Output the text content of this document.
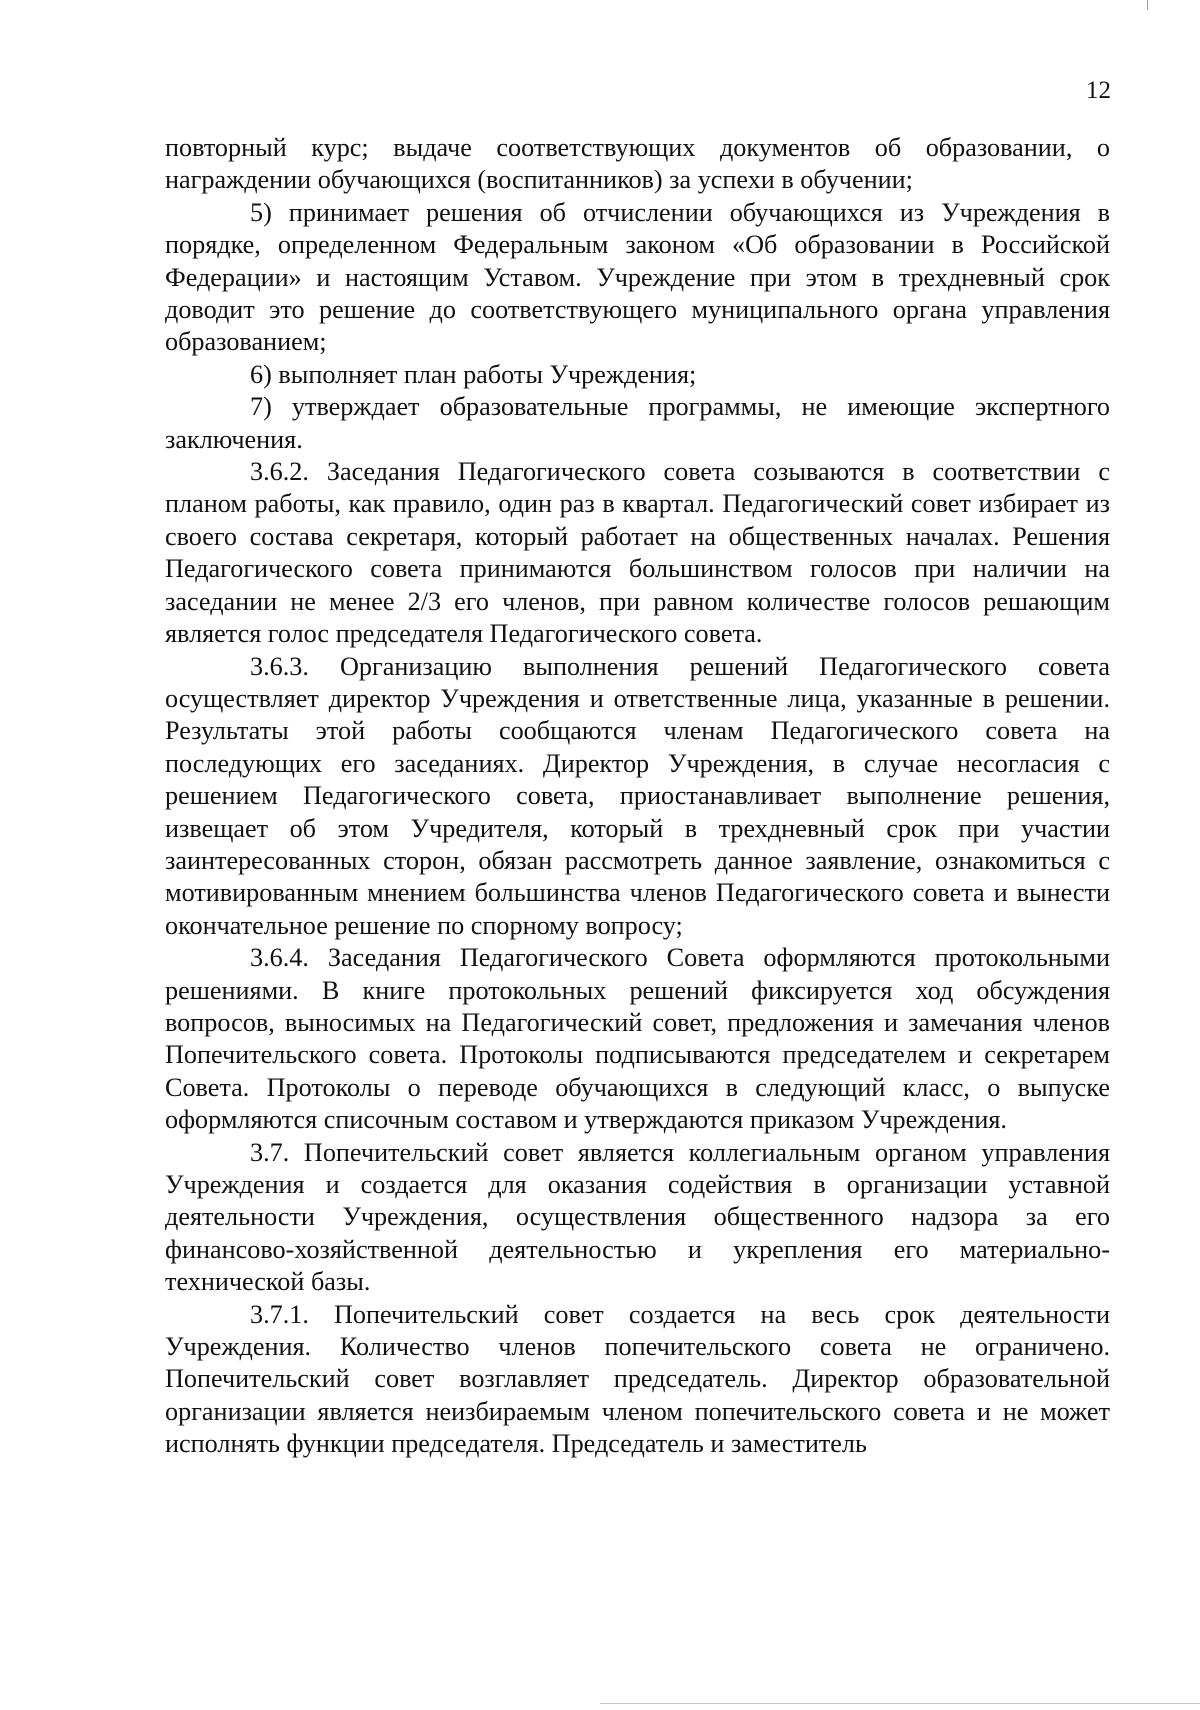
12

повторный курс; выдаче соответствующих документов об образовании, о награждении обучающихся (воспитанников) за успехи в обучении;

5) принимает решения об отчислении обучающихся из Учреждения в порядке, определенном Федеральным законом «Об образовании в Российской Федерации» и настоящим Уставом. Учреждение при этом в трехдневный срок доводит это решение до соответствующего муниципального органа управления образованием;

6) выполняет план работы Учреждения;

7) утверждает образовательные программы, не имеющие экспертного заключения.

3.6.2. Заседания Педагогического совета созываются в соответствии с планом работы, как правило, один раз в квартал. Педагогический совет избирает из своего состава секретаря, который работает на общественных началах. Решения Педагогического совета принимаются большинством голосов при наличии на заседании не менее 2/3 его членов, при равном количестве голосов решающим является голос председателя Педагогического совета.

3.6.3. Организацию выполнения решений Педагогического совета осуществляет директор Учреждения и ответственные лица, указанные в решении. Результаты этой работы сообщаются членам Педагогического совета на последующих его заседаниях. Директор Учреждения, в случае несогласия с решением Педагогического совета, приостанавливает выполнение решения, извещает об этом Учредителя, который в трехдневный срок при участии заинтересованных сторон, обязан рассмотреть данное заявление, ознакомиться с мотивированным мнением большинства членов Педагогического совета и вынести окончательное решение по спорному вопросу;

3.6.4. Заседания Педагогического Совета оформляются протокольными решениями. В книге протокольных решений фиксируется ход обсуждения вопросов, выносимых на Педагогический совет, предложения и замечания членов Попечительского совета. Протоколы подписываются председателем и секретарем Совета. Протоколы о переводе обучающихся в следующий класс, о выпуске оформляются списочным составом и утверждаются приказом Учреждения.

3.7. Попечительский совет является коллегиальным органом управления Учреждения и создается для оказания содействия в организации уставной деятельности Учреждения, осуществления общественного надзора за его финансово-хозяйственной деятельностью и укрепления его материально-технической базы.

3.7.1. Попечительский совет создается на весь срок деятельности Учреждения. Количество членов попечительского совета не ограничено. Попечительский совет возглавляет председатель. Директор образовательной организации является неизбираемым членом попечительского совета и не может исполнять функции председателя. Председатель и заместитель
